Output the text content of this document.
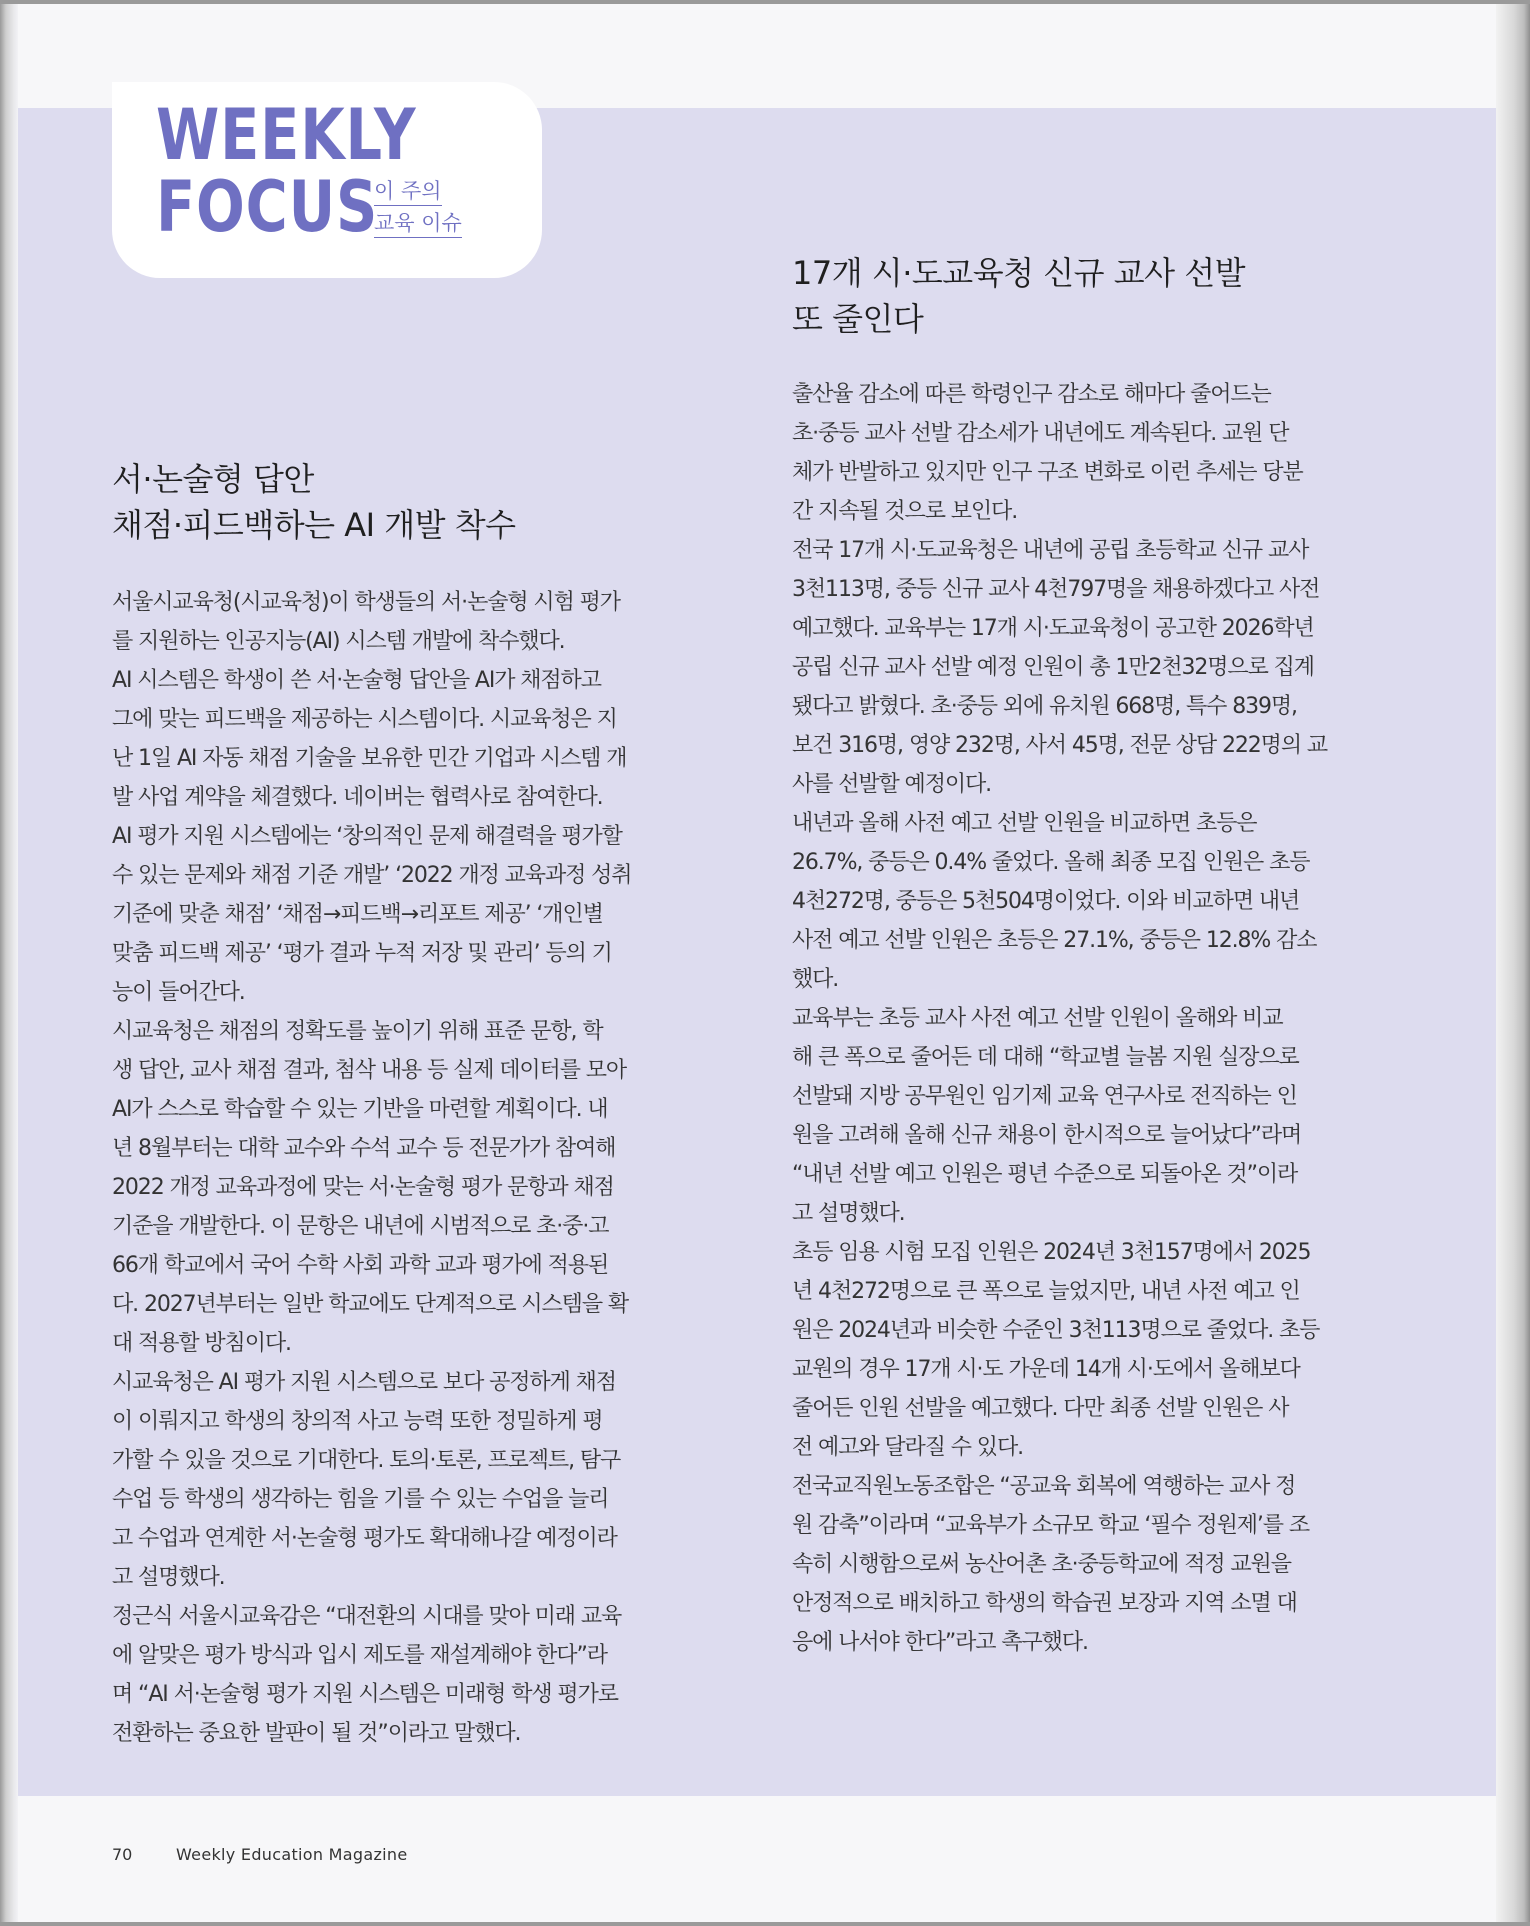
WEEKLY
FOCUS
이 주의
교육 이슈
17개 시·도교육청 신규 교사 선발
또 줄인다
서·논술형 답안
채점·피드백하는 AI 개발 착수

서울시교육청(시교육청)이 학생들의 서·논술형 시험 평가
를 지원하는 인공지능(AI) 시스템 개발에 착수했다.

AI 시스템은 학생이 쓴 서·논술형 답안을 AI가 채점하고
그에 맞는 피드백을 제공하는 시스템이다. 시교육청은 지
난 1일 AI 자동 채점 기술을 보유한 민간 기업과 시스템 개
발 사업 계약을 체결했다. 네이버는 협력사로 참여한다.

AI 평가 지원 시스템에는 ‘창의적인 문제 해결력을 평가할
수 있는 문제와 채점 기준 개발’ ‘2022 개정 교육과정 성취
기준에 맞춘 채점’ ‘채점→피드백→리포트 제공’ ‘개인별
맞춤 피드백 제공’ ‘평가 결과 누적 저장 및 관리’ 등의 기
능이 들어간다.

시교육청은 채점의 정확도를 높이기 위해 표준 문항, 학
생 답안, 교사 채점 결과, 첨삭 내용 등 실제 데이터를 모아
AI가 스스로 학습할 수 있는 기반을 마련할 계획이다. 내
년 8월부터는 대학 교수와 수석 교수 등 전문가가 참여해
2022 개정 교육과정에 맞는 서·논술형 평가 문항과 채점
기준을 개발한다. 이 문항은 내년에 시범적으로 초·중·고
66개 학교에서 국어 수학 사회 과학 교과 평가에 적용된
다. 2027년부터는 일반 학교에도 단계적으로 시스템을 확
대 적용할 방침이다.

시교육청은 AI 평가 지원 시스템으로 보다 공정하게 채점
이 이뤄지고 학생의 창의적 사고 능력 또한 정밀하게 평
가할 수 있을 것으로 기대한다. 토의·토론, 프로젝트, 탐구
수업 등 학생의 생각하는 힘을 기를 수 있는 수업을 늘리
고 수업과 연계한 서·논술형 평가도 확대해나갈 예정이라
고 설명했다.

정근식 서울시교육감은 “대전환의 시대를 맞아 미래 교육
에 알맞은 평가 방식과 입시 제도를 재설계해야 한다”라
며 “AI 서·논술형 평가 지원 시스템은 미래형 학생 평가로
전환하는 중요한 발판이 될 것”이라고 말했다.

출산율 감소에 따른 학령인구 감소로 해마다 줄어드는
초·중등 교사 선발 감소세가 내년에도 계속된다. 교원 단
체가 반발하고 있지만 인구 구조 변화로 이런 추세는 당분
간 지속될 것으로 보인다.

전국 17개 시·도교육청은 내년에 공립 초등학교 신규 교사
3천113명, 중등 신규 교사 4천797명을 채용하겠다고 사전
예고했다. 교육부는 17개 시·도교육청이 공고한 2026학년
공립 신규 교사 선발 예정 인원이 총 1만2천32명으로 집계
됐다고 밝혔다. 초·중등 외에 유치원 668명, 특수 839명,
보건 316명, 영양 232명, 사서 45명, 전문 상담 222명의 교
사를 선발할 예정이다.

내년과 올해 사전 예고 선발 인원을 비교하면 초등은
26.7%, 중등은 0.4% 줄었다. 올해 최종 모집 인원은 초등
4천272명, 중등은 5천504명이었다. 이와 비교하면 내년
사전 예고 선발 인원은 초등은 27.1%, 중등은 12.8% 감소
했다.

교육부는 초등 교사 사전 예고 선발 인원이 올해와 비교
해 큰 폭으로 줄어든 데 대해 “학교별 늘봄 지원 실장으로
선발돼 지방 공무원인 임기제 교육 연구사로 전직하는 인
원을 고려해 올해 신규 채용이 한시적으로 늘어났다”라며
“내년 선발 예고 인원은 평년 수준으로 되돌아온 것”이라
고 설명했다.

초등 임용 시험 모집 인원은 2024년 3천157명에서 2025
년 4천272명으로 큰 폭으로 늘었지만, 내년 사전 예고 인
원은 2024년과 비슷한 수준인 3천113명으로 줄었다. 초등
교원의 경우 17개 시·도 가운데 14개 시·도에서 올해보다
줄어든 인원 선발을 예고했다. 다만 최종 선발 인원은 사
전 예고와 달라질 수 있다.

전국교직원노동조합은 “공교육 회복에 역행하는 교사 정
원 감축”이라며 “교육부가 소규모 학교 ‘필수 정원제’를 조
속히 시행함으로써 농산어촌 초·중등학교에 적정 교원을
안정적으로 배치하고 학생의 학습권 보장과 지역 소멸 대
응에 나서야 한다”라고 촉구했다.

70	Weekly Education Magazine
